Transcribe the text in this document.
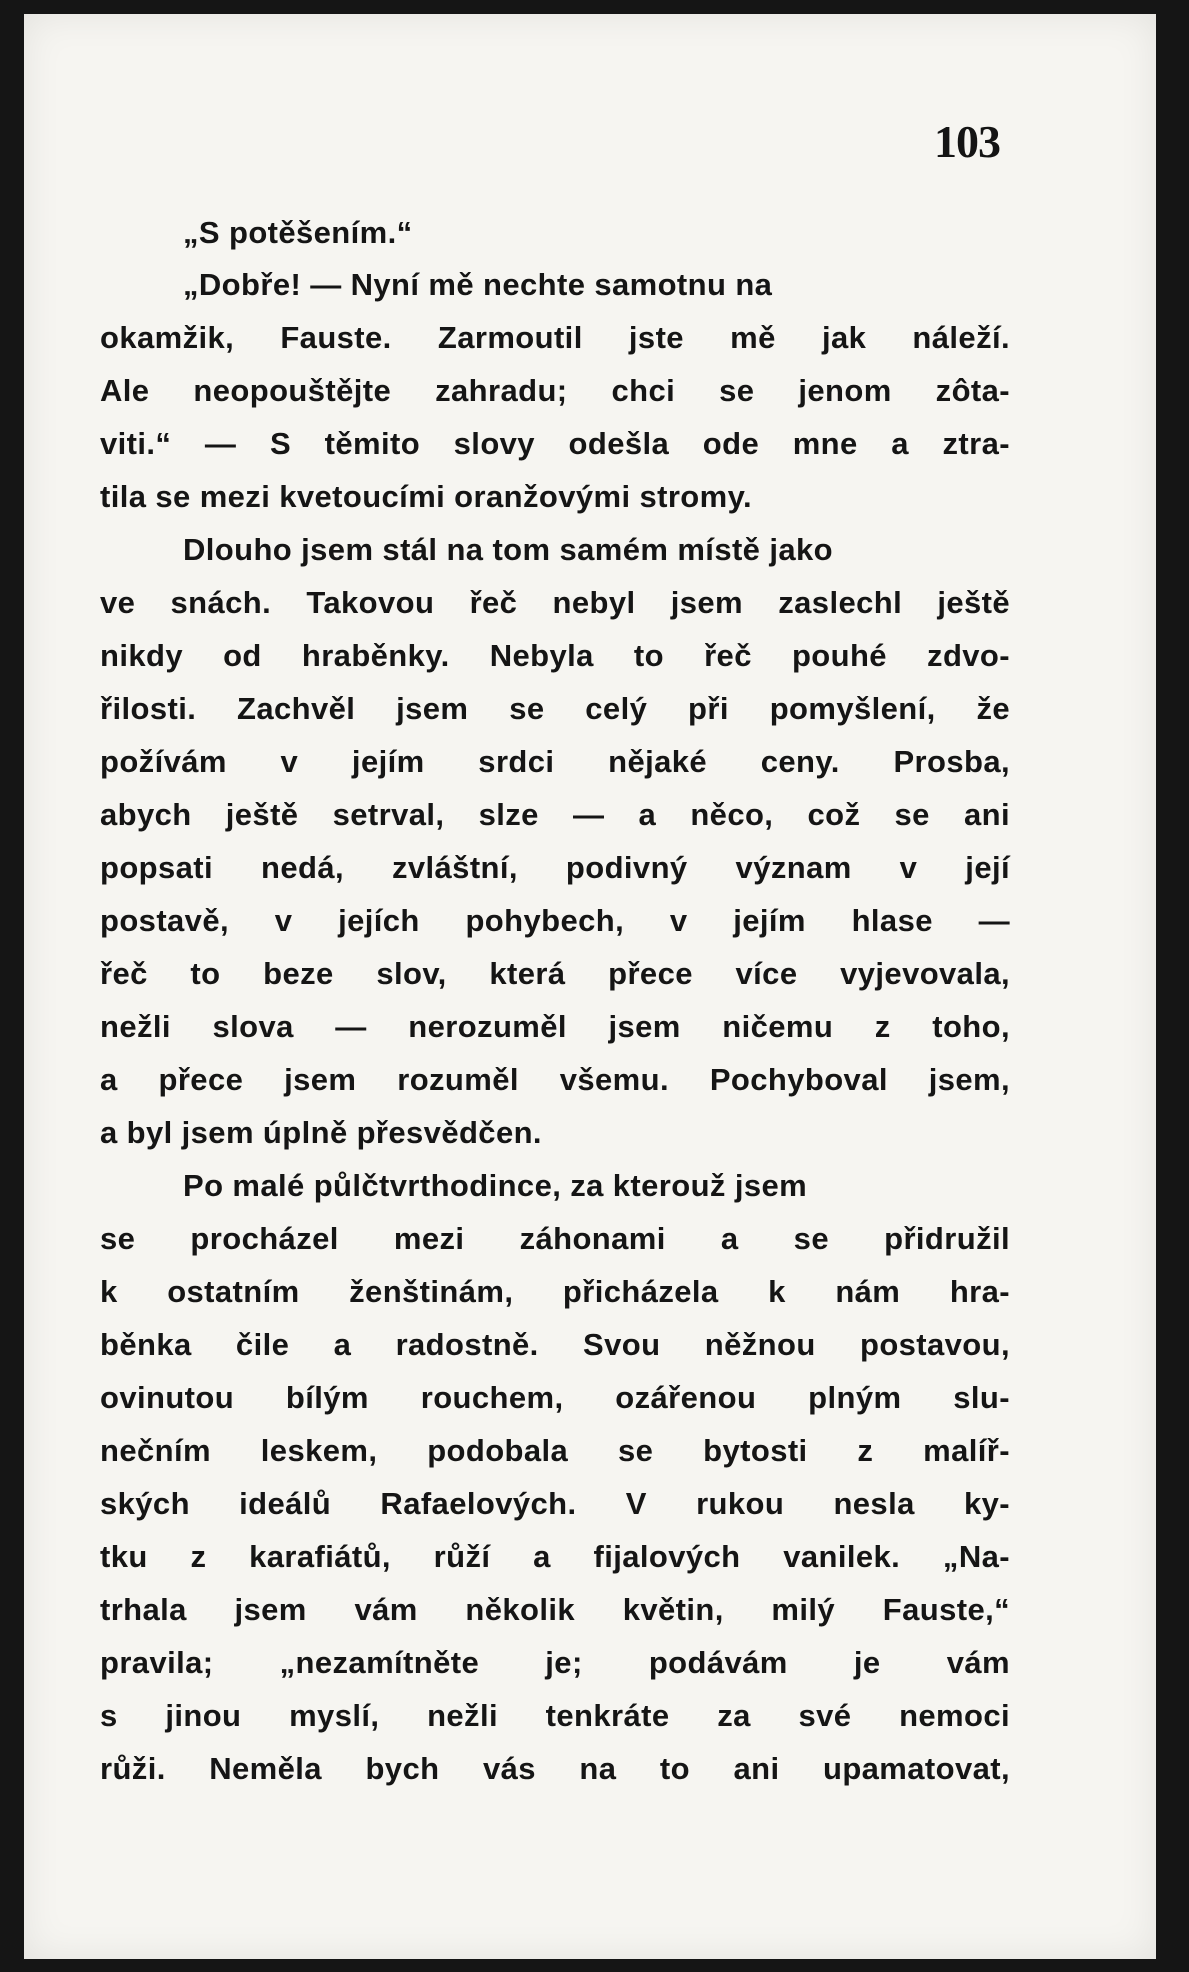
103
„S potěšením.“
„Dobře! — Nyní mě nechte samotnu na
okamžik, Fauste. Zarmoutil jste mě jak náleží.
Ale neopouštějte zahradu; chci se jenom zôta-
viti.“ — S těmito slovy odešla ode mne a ztra-
tila se mezi kvetoucími oranžovými stromy.
Dlouho jsem stál na tom samém místě jako
ve snách. Takovou řeč nebyl jsem zaslechl ještě
nikdy od hraběnky. Nebyla to řeč pouhé zdvo-
řilosti. Zachvěl jsem se celý při pomyšlení, že
požívám v jejím srdci nějaké ceny. Prosba,
abych ještě setrval, slze — a něco, což se ani
popsati nedá, zvláštní, podivný význam v její
postavě, v jejích pohybech, v jejím hlase —
řeč to beze slov, která přece více vyjevovala,
nežli slova — nerozuměl jsem ničemu z toho,
a přece jsem rozuměl všemu. Pochyboval jsem,
a byl jsem úplně přesvědčen.
Po malé půlčtvrthodince, za kterouž jsem
se procházel mezi záhonami a se přidružil
k ostatním ženštinám, přicházela k nám hra-
běnka čile a radostně. Svou něžnou postavou,
ovinutou bílým rouchem, ozářenou plným slu-
nečním leskem, podobala se bytosti z malíř-
ských ideálů Rafaelových. V rukou nesla ky-
tku z karafiátů, růží a fijalových vanilek. „Na-
trhala jsem vám několik květin, milý Fauste,“
pravila; „nezamítněte je; podávám je vám
s jinou myslí, nežli tenkráte za své nemoci
růži. Neměla bych vás na to ani upamatovat,
